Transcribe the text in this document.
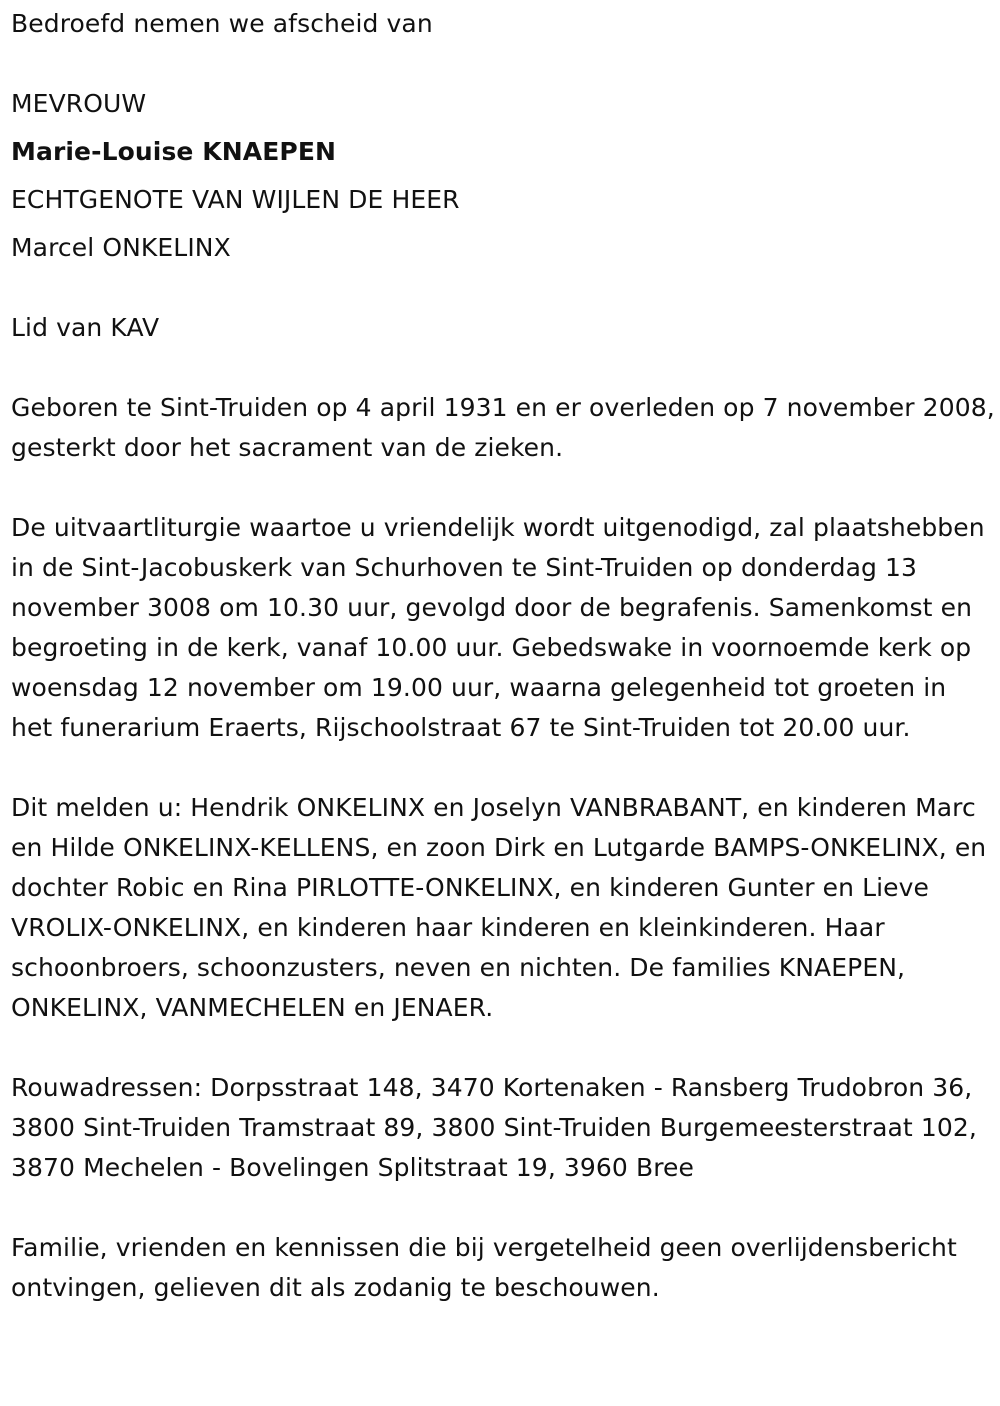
Bedroefd nemen we afscheid van

MEVROUW

Marie-Louise KNAEPEN

ECHTGENOTE VAN WIJLEN DE HEER

Marcel ONKELINX

Lid van KAV

Geboren te Sint-Truiden op 4 april 1931 en er overleden op 7 november 2008, gesterkt door het sacrament van de zieken.

De uitvaartliturgie waartoe u vriendelijk wordt uitgenodigd, zal plaatshebben in de Sint-Jacobuskerk van Schurhoven te Sint-Truiden op donderdag 13 november 3008 om 10.30 uur, gevolgd door de begrafenis. Samenkomst en begroeting in de kerk, vanaf 10.00 uur. Gebedswake in voornoemde kerk op woensdag 12 november om 19.00 uur, waarna gelegenheid tot groeten in het funerarium Eraerts, Rijschoolstraat 67 te Sint-Truiden tot 20.00 uur.

Dit melden u: Hendrik ONKELINX en Joselyn VANBRABANT, en kinderen Marc en Hilde ONKELINX-KELLENS, en zoon Dirk en Lutgarde BAMPS-ONKELINX, en dochter Robic en Rina PIRLOTTE-ONKELINX, en kinderen Gunter en Lieve VROLIX-ONKELINX, en kinderen haar kinderen en kleinkinderen. Haar schoonbroers, schoonzusters, neven en nichten. De families KNAEPEN, ONKELINX, VANMECHELEN en JENAER.

Rouwadressen: Dorpsstraat 148, 3470 Kortenaken - Ransberg Trudobron 36, 3800 Sint-Truiden Tramstraat 89, 3800 Sint-Truiden Burgemeesterstraat 102, 3870 Mechelen - Bovelingen Splitstraat 19, 3960 Bree

Familie, vrienden en kennissen die bij vergetelheid geen overlijdensbericht ontvingen, gelieven dit als zodanig te beschouwen.
